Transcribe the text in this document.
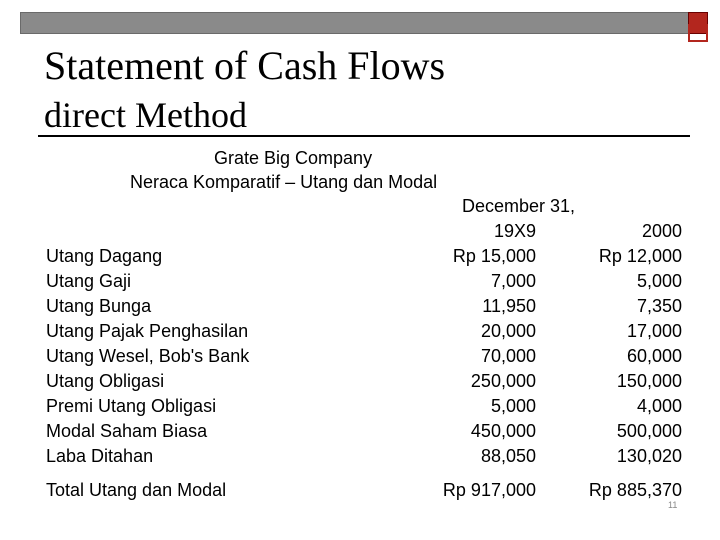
Statement of Cash Flows
direct Method
Grate Big Company
Neraca Komparatif – Utang dan Modal
December 31,
19X9	2000
Utang Dagang	Rp 15,000	Rp 12,000
Utang Gaji	7,000	5,000
Utang Bunga	11,950	7,350
Utang Pajak Penghasilan	20,000	17,000
Utang Wesel, Bob's Bank	70,000	60,000
Utang Obligasi	250,000	150,000
Premi Utang Obligasi	5,000	4,000
Modal Saham Biasa	450,000	500,000
Laba Ditahan	88,050	130,020
Total Utang dan Modal	Rp 917,000	Rp 885,370
11
